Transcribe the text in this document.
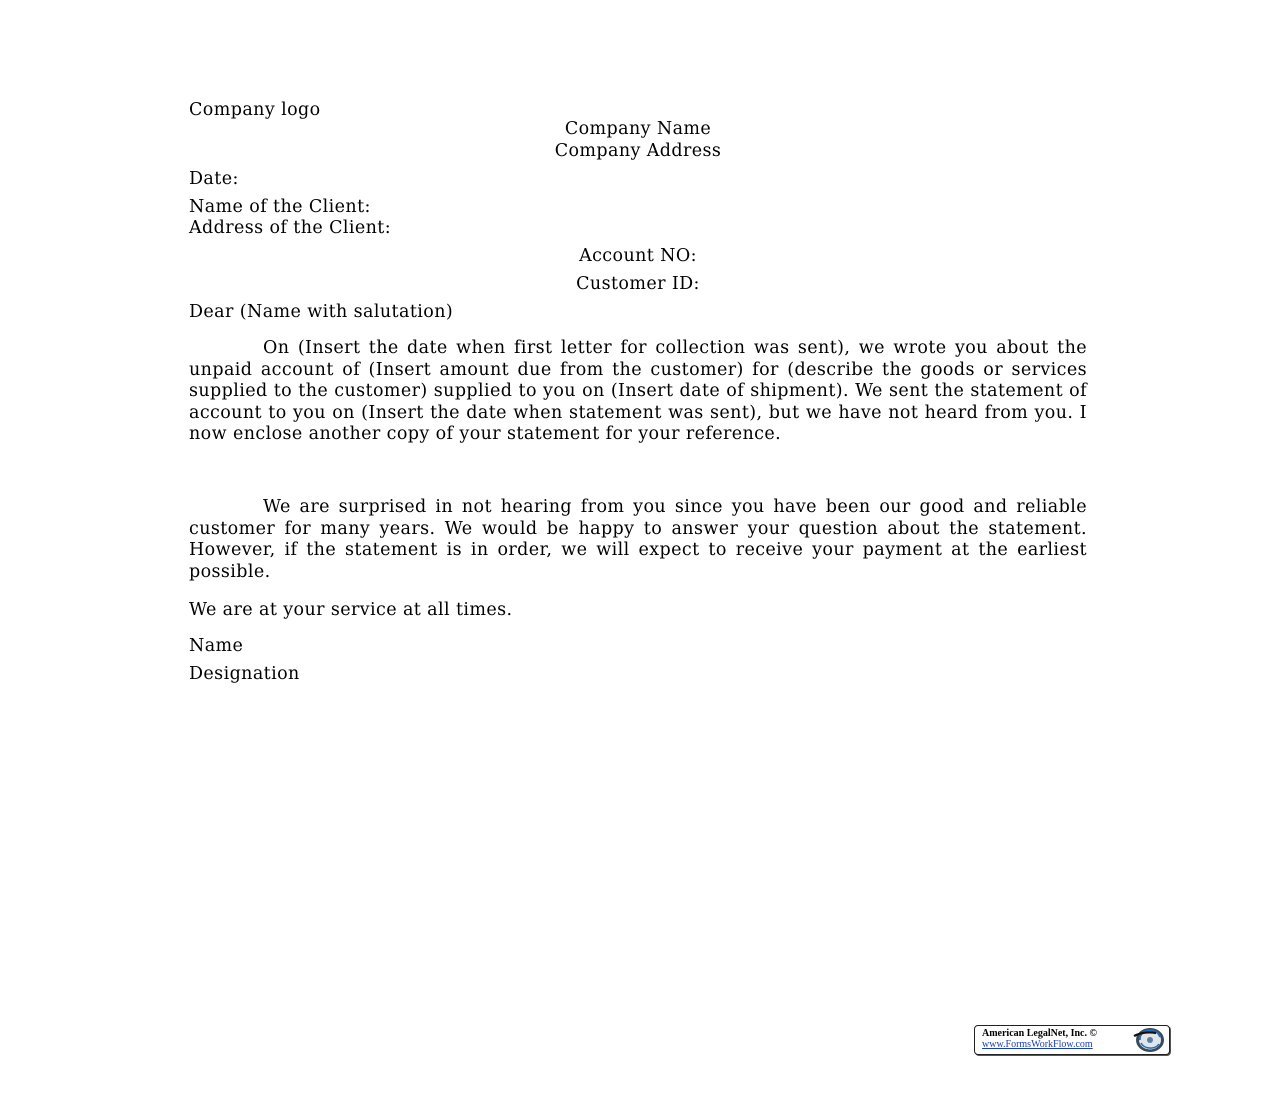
Company logo
Company Name
Company Address
Date:
Name of the Client:
Address of the Client:
Account NO:
Customer ID:
Dear (Name with salutation)
On (Insert the date when first letter for collection was sent), we wrote you about the unpaid account of (Insert amount due from the customer) for (describe the goods or services supplied to the customer) supplied to you on (Insert date of shipment). We sent the statement of account to you on (Insert the date when statement was sent), but we have not heard from you. I now enclose another copy of your statement for your reference.
We are surprised in not hearing from you since you have been our good and reliable customer for many years. We would be happy to answer your question about the statement. However, if the statement is in order, we will expect to receive your payment at the earliest possible.
We are at your service at all times.
Name
Designation
American LegalNet, Inc. ©
www.FormsWorkFlow.com
